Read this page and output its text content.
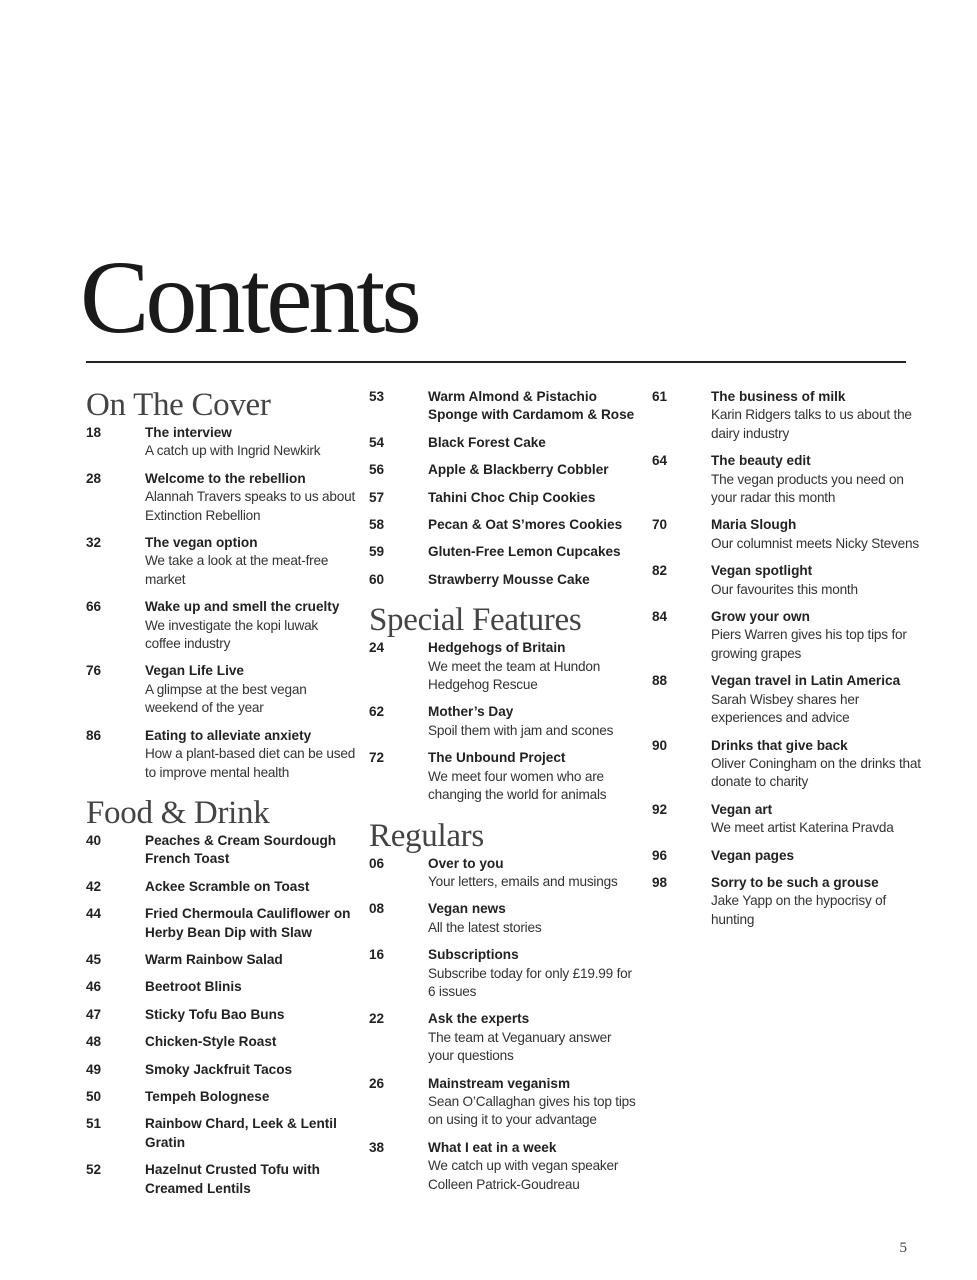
Contents
On The Cover
18	The interview
A catch up with Ingrid Newkirk
28	Welcome to the rebellion
Alannah Travers speaks to us about Extinction Rebellion
32	The vegan option
We take a look at the meat-free market
66	Wake up and smell the cruelty
We investigate the kopi luwak coffee industry
76	Vegan Life Live
A glimpse at the best vegan weekend of the year
86	Eating to alleviate anxiety
How a plant-based diet can be used to improve mental health
Food & Drink
40	Peaches & Cream Sourdough French Toast
42	Ackee Scramble on Toast
44	Fried Chermoula Cauliflower on Herby Bean Dip with Slaw
45	Warm Rainbow Salad
46	Beetroot Blinis
47	Sticky Tofu Bao Buns
48	Chicken-Style Roast
49	Smoky Jackfruit Tacos
50	Tempeh Bolognese
51	Rainbow Chard, Leek & Lentil Gratin
52	Hazelnut Crusted Tofu with Creamed Lentils
53	Warm Almond & Pistachio Sponge with Cardamom & Rose
54	Black Forest Cake
56	Apple & Blackberry Cobbler
57	Tahini Choc Chip Cookies
58	Pecan & Oat S’mores Cookies
59	Gluten-Free Lemon Cupcakes
60	Strawberry Mousse Cake
Special Features
24	Hedgehogs of Britain
We meet the team at Hundon Hedgehog Rescue
62	Mother’s Day
Spoil them with jam and scones
72	The Unbound Project
We meet four women who are changing the world for animals
Regulars
06	Over to you
Your letters, emails and musings
08	Vegan news
All the latest stories
16	Subscriptions
Subscribe today for only £19.99 for 6 issues
22	Ask the experts
The team at Veganuary answer your questions
26	Mainstream veganism
Sean O’Callaghan gives his top tips on using it to your advantage
38	What I eat in a week
We catch up with vegan speaker Colleen Patrick-Goudreau
61	The business of milk
Karin Ridgers talks to us about the dairy industry
64	The beauty edit
The vegan products you need on your radar this month
70	Maria Slough
Our columnist meets Nicky Stevens
82	Vegan spotlight
Our favourites this month
84	Grow your own
Piers Warren gives his top tips for growing grapes
88	Vegan travel in Latin America
Sarah Wisbey shares her experiences and advice
90	Drinks that give back
Oliver Coningham on the drinks that donate to charity
92	Vegan art
We meet artist Katerina Pravda
96	Vegan pages
98	Sorry to be such a grouse
Jake Yapp on the hypocrisy of hunting
5
